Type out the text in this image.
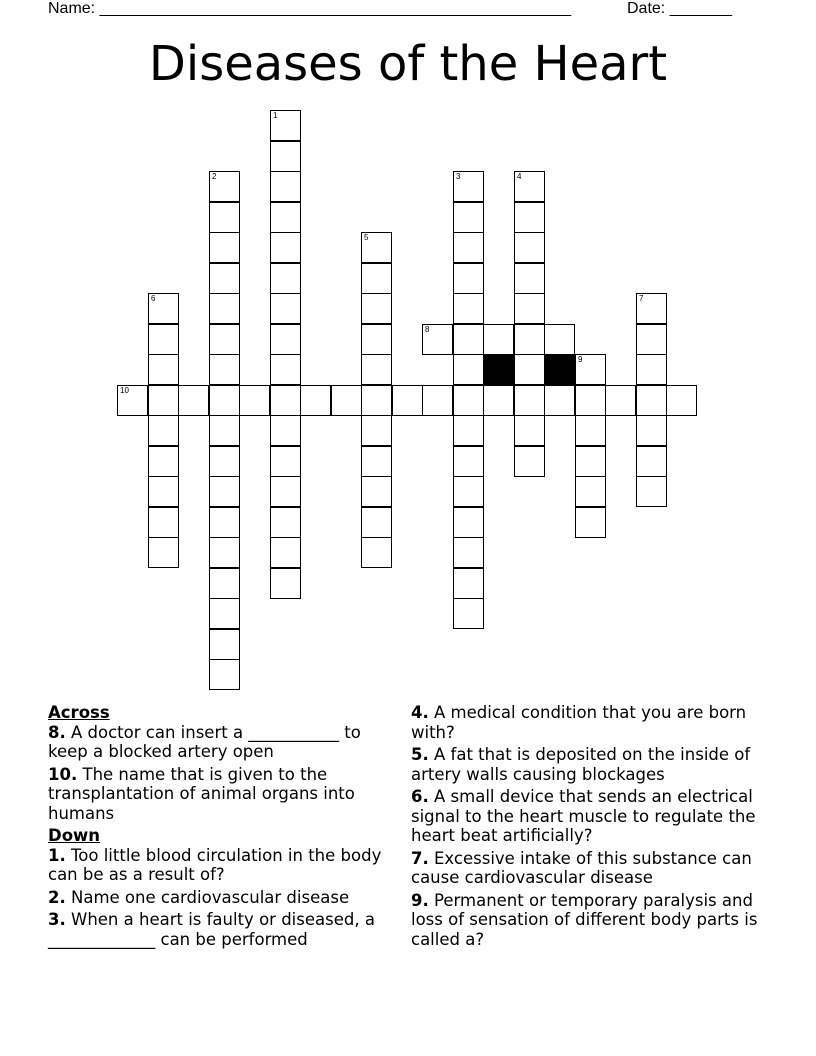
Name: _____________________________________________________	Date: _______
Diseases of the Heart
1
2	3	4
5
6	7
8
9
10
Across
8. A doctor can insert a ___________ to keep a blocked artery open
10. The name that is given to the transplantation of animal organs into humans
Down
1. Too little blood circulation in the body can be as a result of?
2. Name one cardiovascular disease
3. When a heart is faulty or diseased, a _____________ can be performed
4. A medical condition that you are born with?
5. A fat that is deposited on the inside of artery walls causing blockages
6. A small device that sends an electrical signal to the heart muscle to regulate the heart beat artificially?
7. Excessive intake of this substance can cause cardiovascular disease
9. Permanent or temporary paralysis and loss of sensation of different body parts is called a?
